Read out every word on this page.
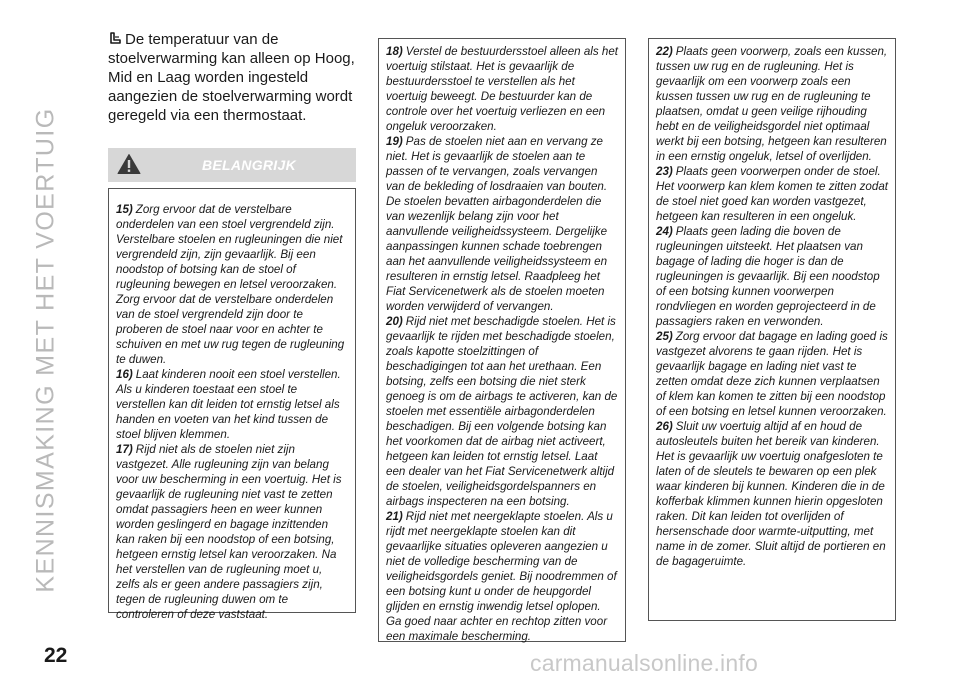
KENNISMAKING MET HET VOERTUIG
De temperatuur van de stoelverwarming kan alleen op Hoog, Mid en Laag worden ingesteld aangezien de stoelverwarming wordt geregeld via een thermostaat.
BELANGRIJK

15) Zorg ervoor dat de verstelbare onderdelen van een stoel vergrendeld zijn. Verstelbare stoelen en rugleuningen die niet vergrendeld zijn, zijn gevaarlijk. Bij een noodstop of botsing kan de stoel of rugleuning bewegen en letsel veroorzaken. Zorg ervoor dat de verstelbare onderdelen van de stoel vergrendeld zijn door te proberen de stoel naar voor en achter te schuiven en met uw rug tegen de rugleuning te duwen.

16) Laat kinderen nooit een stoel verstellen. Als u kinderen toestaat een stoel te verstellen kan dit leiden tot ernstig letsel als handen en voeten van het kind tussen de stoel blijven klemmen.

17) Rijd niet als de stoelen niet zijn vastgezet. Alle rugleuning zijn van belang voor uw bescherming in een voertuig. Het is gevaarlijk de rugleuning niet vast te zetten omdat passagiers heen en weer kunnen worden geslingerd en bagage inzittenden kan raken bij een noodstop of een botsing, hetgeen ernstig letsel kan veroorzaken. Na het verstellen van de rugleuning moet u, zelfs als er geen andere passagiers zijn, tegen de rugleuning duwen om te controleren of deze vaststaat.

18) Verstel de bestuurdersstoel alleen als het voertuig stilstaat. Het is gevaarlijk de bestuurdersstoel te verstellen als het voertuig beweegt. De bestuurder kan de controle over het voertuig verliezen en een ongeluk veroorzaken.

19) Pas de stoelen niet aan en vervang ze niet. Het is gevaarlijk de stoelen aan te passen of te vervangen, zoals vervangen van de bekleding of losdraaien van bouten. De stoelen bevatten airbagonderdelen die van wezenlijk belang zijn voor het aanvullende veiligheidssysteem. Dergelijke aanpassingen kunnen schade toebrengen aan het aanvullende veiligheidssysteem en resulteren in ernstig letsel. Raadpleeg het Fiat Servicenetwerk als de stoelen moeten worden verwijderd of vervangen.

20) Rijd niet met beschadigde stoelen. Het is gevaarlijk te rijden met beschadigde stoelen, zoals kapotte stoelzittingen of beschadigingen tot aan het urethaan. Een botsing, zelfs een botsing die niet sterk genoeg is om de airbags te activeren, kan de stoelen met essentiële airbagonderdelen beschadigen. Bij een volgende botsing kan het voorkomen dat de airbag niet activeert, hetgeen kan leiden tot ernstig letsel. Laat een dealer van het Fiat Servicenetwerk altijd de stoelen, veiligheidsgordelspanners en airbags inspecteren na een botsing.

21) Rijd niet met neergeklapte stoelen. Als u rijdt met neergeklapte stoelen kan dit gevaarlijke situaties opleveren aangezien u niet de volledige bescherming van de veiligheidsgordels geniet. Bij noodremmen of een botsing kunt u onder de heupgordel glijden en ernstig inwendig letsel oplopen. Ga goed naar achter en rechtop zitten voor een maximale bescherming.

22) Plaats geen voorwerp, zoals een kussen, tussen uw rug en de rugleuning. Het is gevaarlijk om een voorwerp zoals een kussen tussen uw rug en de rugleuning te plaatsen, omdat u geen veilige rijhouding hebt en de veiligheidsgordel niet optimaal werkt bij een botsing, hetgeen kan resulteren in een ernstig ongeluk, letsel of overlijden.

23) Plaats geen voorwerpen onder de stoel. Het voorwerp kan klem komen te zitten zodat de stoel niet goed kan worden vastgezet, hetgeen kan resulteren in een ongeluk.

24) Plaats geen lading die boven de rugleuningen uitsteekt. Het plaatsen van bagage of lading die hoger is dan de rugleuningen is gevaarlijk. Bij een noodstop of een botsing kunnen voorwerpen rondvliegen en worden geprojecteerd in de passagiers raken en verwonden.

25) Zorg ervoor dat bagage en lading goed is vastgezet alvorens te gaan rijden. Het is gevaarlijk bagage en lading niet vast te zetten omdat deze zich kunnen verplaatsen of klem kan komen te zitten bij een noodstop of een botsing en letsel kunnen veroorzaken.

26) Sluit uw voertuig altijd af en houd de autosleutels buiten het bereik van kinderen. Het is gevaarlijk uw voertuig onafgesloten te laten of de sleutels te bewaren op een plek waar kinderen bij kunnen. Kinderen die in de kofferbak klimmen kunnen hierin opgesloten raken. Dit kan leiden tot overlijden of hersenschade door warmte-uitputting, met name in de zomer. Sluit altijd de portieren en de bagageruimte.

22	carmanualsonline.info
